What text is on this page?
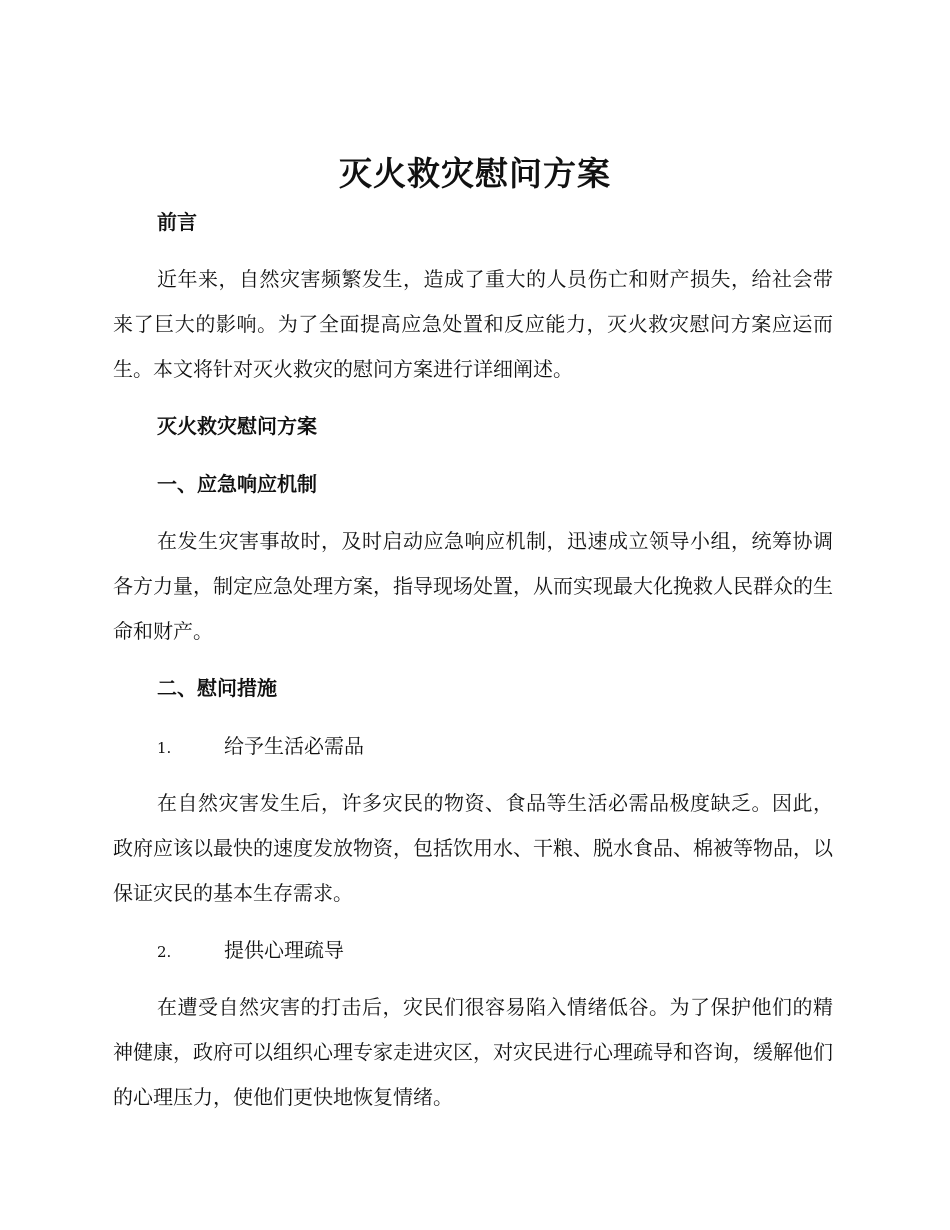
灭火救灾慰问方案
前言

近年来，自然灾害频繁发生，造成了重大的人员伤亡和财产损失，给社会带来了巨大的影响。为了全面提高应急处置和反应能力，灭火救灾慰问方案应运而生。本文将针对灭火救灾的慰问方案进行详细阐述。

灭火救灾慰问方案
一、应急响应机制

在发生灾害事故时，及时启动应急响应机制，迅速成立领导小组，统筹协调各方力量，制定应急处理方案，指导现场处置，从而实现最大化挽救人民群众的生命和财产。

二、慰问措施
1.	给予生活必需品

在自然灾害发生后，许多灾民的物资、食品等生活必需品极度缺乏。因此，政府应该以最快的速度发放物资，包括饮用水、干粮、脱水食品、棉被等物品，以保证灾民的基本生存需求。

2.	提供心理疏导

在遭受自然灾害的打击后，灾民们很容易陷入情绪低谷。为了保护他们的精神健康，政府可以组织心理专家走进灾区，对灾民进行心理疏导和咨询，缓解他们的心理压力，使他们更快地恢复情绪。
